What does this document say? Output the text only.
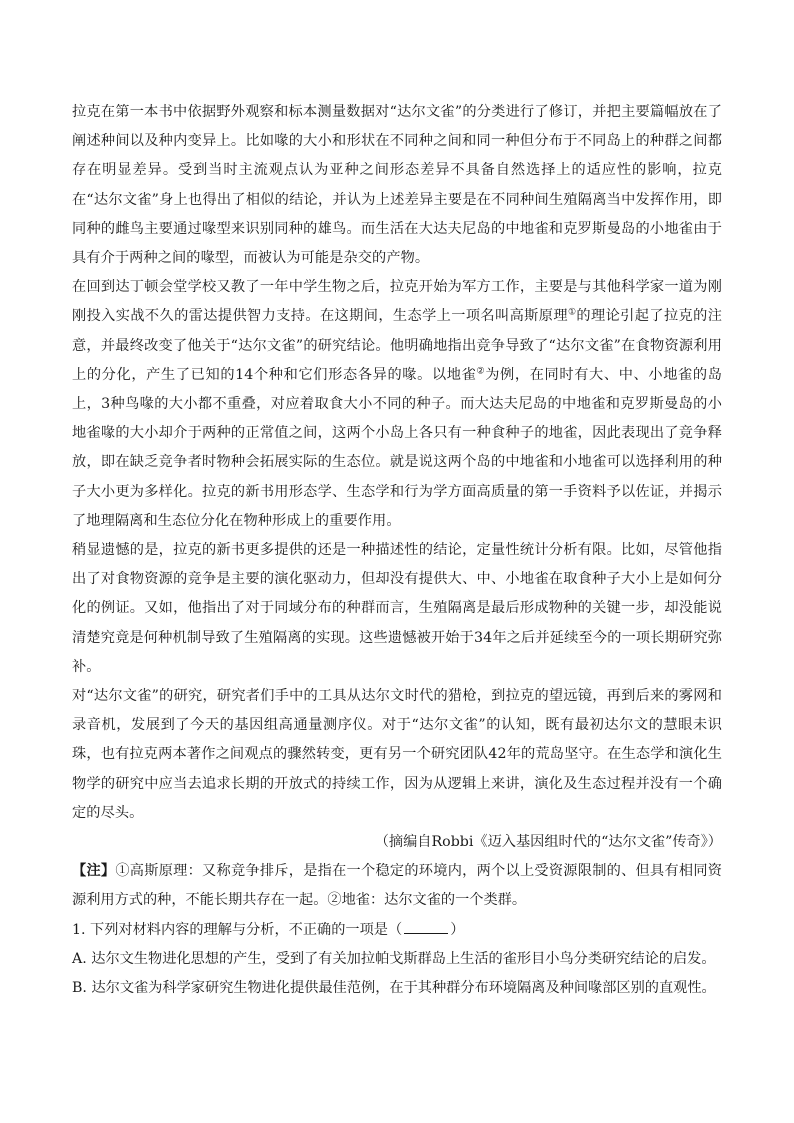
拉克在第一本书中依据野外观察和标本测量数据对“达尔文雀”的分类进行了修订，并把主要篇幅放在了阐述种间以及种内变异上。比如喙的大小和形状在不同种之间和同一种但分布于不同岛上的种群之间都存在明显差异。受到当时主流观点认为亚种之间形态差异不具备自然选择上的适应性的影响，拉克在“达尔文雀”身上也得出了相似的结论，并认为上述差异主要是在不同种间生殖隔离当中发挥作用，即同种的雌鸟主要通过喙型来识别同种的雄鸟。而生活在大达夫尼岛的中地雀和克罗斯曼岛的小地雀由于具有介于两种之间的喙型，而被认为可能是杂交的产物。

在回到达丁顿会堂学校又教了一年中学生物之后，拉克开始为军方工作，主要是与其他科学家一道为刚刚投入实战不久的雷达提供智力支持。在这期间，生态学上一项名叫高斯原理①的理论引起了拉克的注意，并最终改变了他关于“达尔文雀”的研究结论。他明确地指出竞争导致了“达尔文雀”在食物资源利用上的分化，产生了已知的14个种和它们形态各异的喙。以地雀②为例，在同时有大、中、小地雀的岛上，3种鸟喙的大小都不重叠，对应着取食大小不同的种子。而大达夫尼岛的中地雀和克罗斯曼岛的小地雀喙的大小却介于两种的正常值之间，这两个小岛上各只有一种食种子的地雀，因此表现出了竞争释放，即在缺乏竞争者时物种会拓展实际的生态位。就是说这两个岛的中地雀和小地雀可以选择利用的种子大小更为多样化。拉克的新书用形态学、生态学和行为学方面高质量的第一手资料予以佐证，并揭示了地理隔离和生态位分化在物种形成上的重要作用。

稍显遗憾的是，拉克的新书更多提供的还是一种描述性的结论，定量性统计分析有限。比如，尽管他指出了对食物资源的竞争是主要的演化驱动力，但却没有提供大、中、小地雀在取食种子大小上是如何分化的例证。又如，他指出了对于同域分布的种群而言，生殖隔离是最后形成物种的关键一步，却没能说清楚究竟是何种机制导致了生殖隔离的实现。这些遗憾被开始于34年之后并延续至今的一项长期研究弥补。

对“达尔文雀”的研究，研究者们手中的工具从达尔文时代的猎枪，到拉克的望远镜，再到后来的雾网和录音机，发展到了今天的基因组高通量测序仪。对于“达尔文雀”的认知，既有最初达尔文的慧眼未识珠，也有拉克两本著作之间观点的骤然转变，更有另一个研究团队42年的荒岛坚守。在生态学和演化生物学的研究中应当去追求长期的开放式的持续工作，因为从逻辑上来讲，演化及生态过程并没有一个确定的尽头。

（摘编自Robbi《迈入基因组时代的“达尔文雀”传奇》）

【注】①高斯原理：又称竞争排斥，是指在一个稳定的环境内，两个以上受资源限制的、但具有相同资源利用方式的种，不能长期共存在一起。②地雀：达尔文雀的一个类群。

1. 下列对材料内容的理解与分析，不正确的一项是（	）

A. 达尔文生物进化思想的产生，受到了有关加拉帕戈斯群岛上生活的雀形目小鸟分类研究结论的启发。

B. 达尔文雀为科学家研究生物进化提供最佳范例，在于其种群分布环境隔离及种间喙部区别的直观性。
